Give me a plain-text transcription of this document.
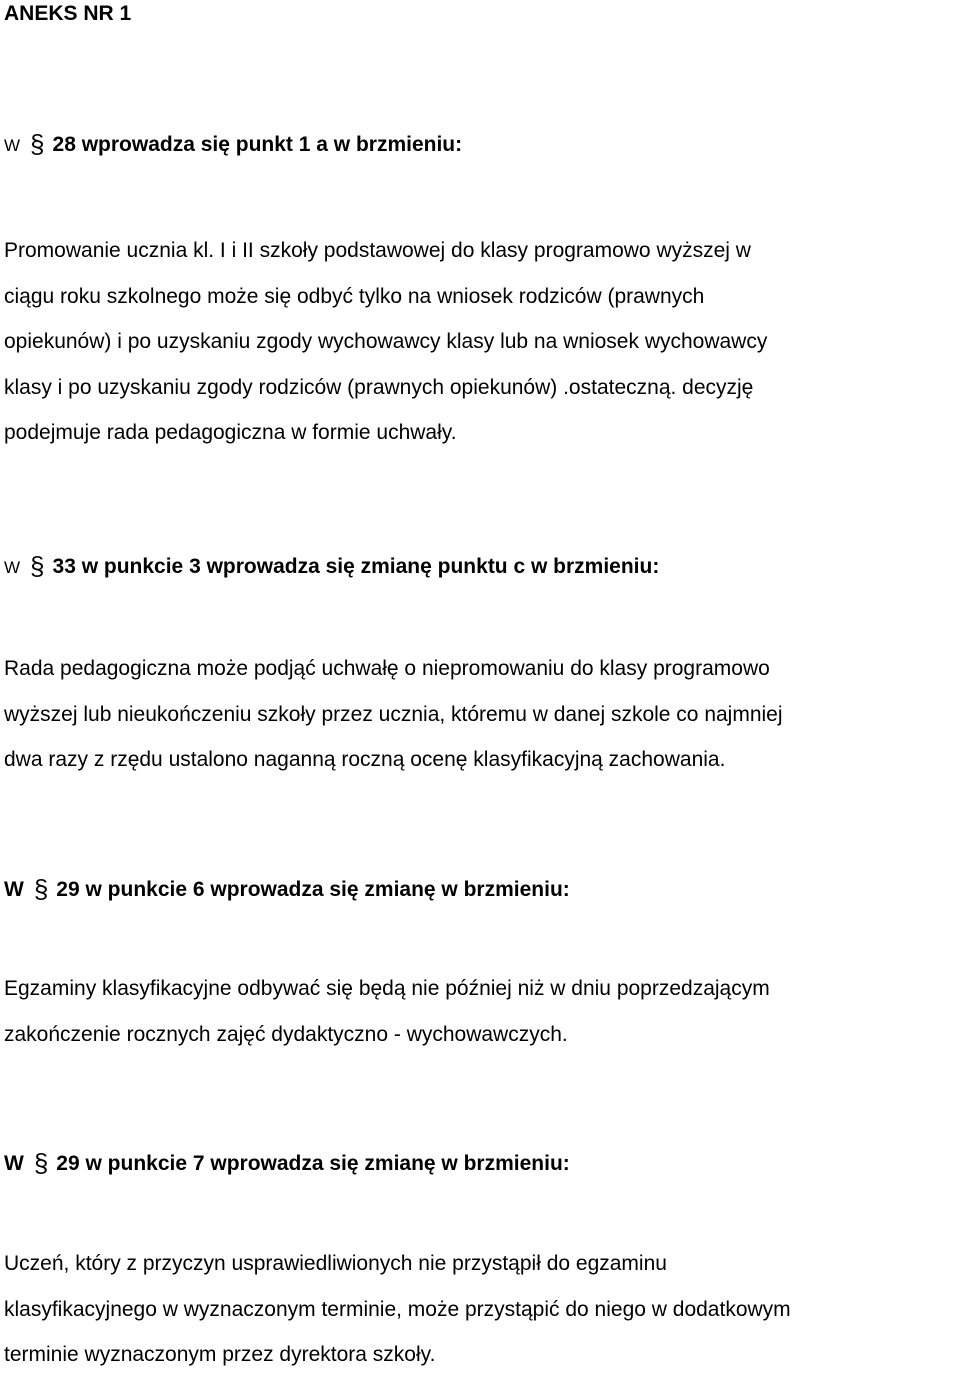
ANEKS NR 1
W § 28 wprowadza się punkt 1 a w brzmieniu:
Promowanie ucznia kl. I i II szkoły podstawowej do klasy programowo wyższej w
ciągu roku szkolnego może się odbyć tylko na wniosek rodziców (prawnych
opiekunów) i po uzyskaniu zgody wychowawcy klasy lub na wniosek wychowawcy
klasy i po uzyskaniu zgody rodziców (prawnych opiekunów) .ostateczną. decyzję
podejmuje rada pedagogiczna w formie uchwały.
W § 33 w punkcie 3 wprowadza się zmianę punktu c w brzmieniu:
Rada pedagogiczna może podjąć uchwałę o niepromowaniu do klasy programowo
wyższej lub nieukończeniu szkoły przez ucznia, któremu w danej szkole co najmniej
dwa razy z rzędu ustalono naganną roczną ocenę klasyfikacyjną zachowania.
W § 29 w punkcie 6 wprowadza się zmianę w brzmieniu:
Egzaminy klasyfikacyjne odbywać się będą nie później niż w dniu poprzedzającym
zakończenie rocznych zajęć dydaktyczno - wychowawczych.
W § 29 w punkcie 7 wprowadza się zmianę w brzmieniu:
Uczeń, który z przyczyn usprawiedliwionych nie przystąpił do egzaminu
klasyfikacyjnego w wyznaczonym terminie, może przystąpić do niego w dodatkowym
terminie wyznaczonym przez dyrektora szkoły.
